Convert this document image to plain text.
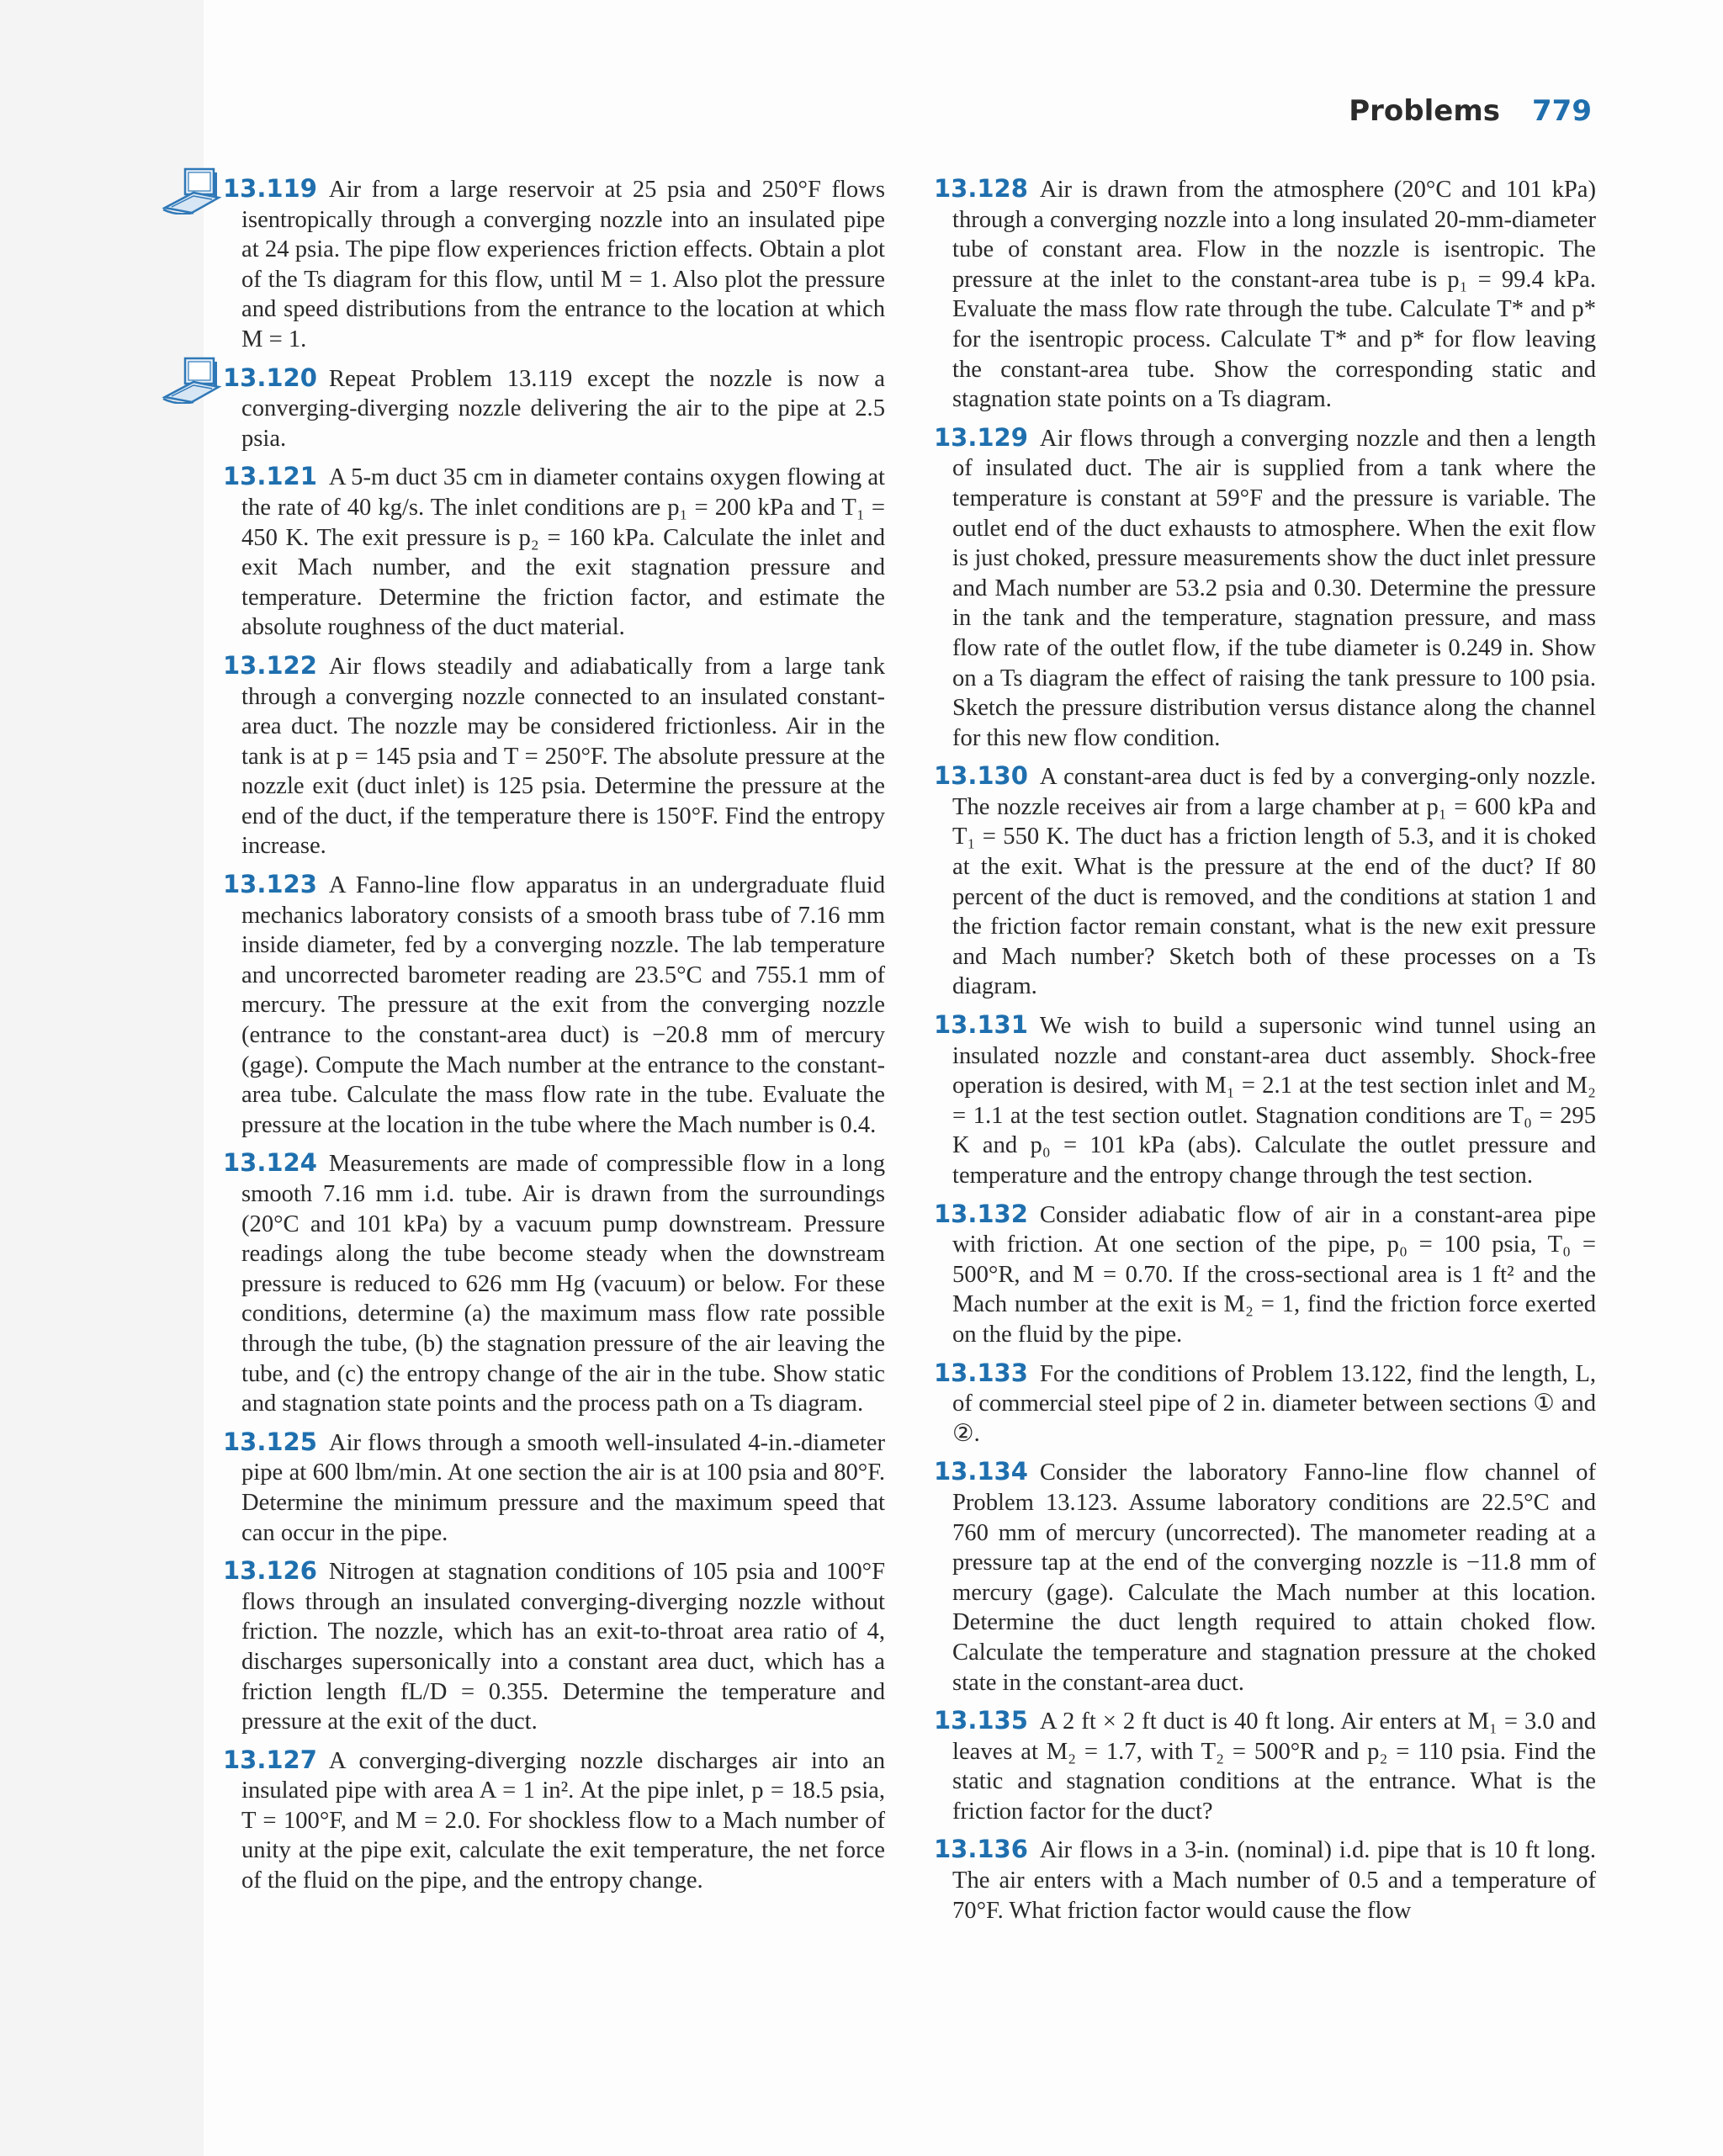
Problems 779

13.119 Air from a large reservoir at 25 psia and 250°F flows isentropically through a converging nozzle into an insulated pipe at 24 psia. The pipe flow experiences friction effects. Obtain a plot of the Ts diagram for this flow, until M = 1. Also plot the pressure and speed distributions from the entrance to the location at which M = 1.

13.120 Repeat Problem 13.119 except the nozzle is now a converging-diverging nozzle delivering the air to the pipe at 2.5 psia.

13.121 A 5-m duct 35 cm in diameter contains oxygen flowing at the rate of 40 kg/s. The inlet conditions are p₁ = 200 kPa and T₁ = 450 K. The exit pressure is p₂ = 160 kPa. Calculate the inlet and exit Mach number, and the exit stagnation pressure and temperature. Determine the friction factor, and estimate the absolute roughness of the duct material.

13.122 Air flows steadily and adiabatically from a large tank through a converging nozzle connected to an insulated constant-area duct. The nozzle may be considered frictionless. Air in the tank is at p = 145 psia and T = 250°F. The absolute pressure at the nozzle exit (duct inlet) is 125 psia. Determine the pressure at the end of the duct, if the temperature there is 150°F. Find the entropy increase.

13.123 A Fanno-line flow apparatus in an undergraduate fluid mechanics laboratory consists of a smooth brass tube of 7.16 mm inside diameter, fed by a converging nozzle. The lab temperature and uncorrected barometer reading are 23.5°C and 755.1 mm of mercury. The pressure at the exit from the converging nozzle (entrance to the constant-area duct) is −20.8 mm of mercury (gage). Compute the Mach number at the entrance to the constant-area tube. Calculate the mass flow rate in the tube. Evaluate the pressure at the location in the tube where the Mach number is 0.4.

13.124 Measurements are made of compressible flow in a long smooth 7.16 mm i.d. tube. Air is drawn from the surroundings (20°C and 101 kPa) by a vacuum pump downstream. Pressure readings along the tube become steady when the downstream pressure is reduced to 626 mm Hg (vacuum) or below. For these conditions, determine (a) the maximum mass flow rate possible through the tube, (b) the stagnation pressure of the air leaving the tube, and (c) the entropy change of the air in the tube. Show static and stagnation state points and the process path on a Ts diagram.

13.125 Air flows through a smooth well-insulated 4-in.-diameter pipe at 600 lbm/min. At one section the air is at 100 psia and 80°F. Determine the minimum pressure and the maximum speed that can occur in the pipe.

13.126 Nitrogen at stagnation conditions of 105 psia and 100°F flows through an insulated converging-diverging nozzle without friction. The nozzle, which has an exit-to-throat area ratio of 4, discharges supersonically into a constant area duct, which has a friction length fL/D = 0.355. Determine the temperature and pressure at the exit of the duct.

13.127 A converging-diverging nozzle discharges air into an insulated pipe with area A = 1 in². At the pipe inlet, p = 18.5 psia, T = 100°F, and M = 2.0. For shockless flow to a Mach number of unity at the pipe exit, calculate the exit temperature, the net force of the fluid on the pipe, and the entropy change.

13.128 Air is drawn from the atmosphere (20°C and 101 kPa) through a converging nozzle into a long insulated 20-mm-diameter tube of constant area. Flow in the nozzle is isentropic. The pressure at the inlet to the constant-area tube is p₁ = 99.4 kPa. Evaluate the mass flow rate through the tube. Calculate T* and p* for the isentropic process. Calculate T* and p* for flow leaving the constant-area tube. Show the corresponding static and stagnation state points on a Ts diagram.

13.129 Air flows through a converging nozzle and then a length of insulated duct. The air is supplied from a tank where the temperature is constant at 59°F and the pressure is variable. The outlet end of the duct exhausts to atmosphere. When the exit flow is just choked, pressure measurements show the duct inlet pressure and Mach number are 53.2 psia and 0.30. Determine the pressure in the tank and the temperature, stagnation pressure, and mass flow rate of the outlet flow, if the tube diameter is 0.249 in. Show on a Ts diagram the effect of raising the tank pressure to 100 psia. Sketch the pressure distribution versus distance along the channel for this new flow condition.

13.130 A constant-area duct is fed by a converging-only nozzle. The nozzle receives air from a large chamber at p₁ = 600 kPa and T₁ = 550 K. The duct has a friction length of 5.3, and it is choked at the exit. What is the pressure at the end of the duct? If 80 percent of the duct is removed, and the conditions at station 1 and the friction factor remain constant, what is the new exit pressure and Mach number? Sketch both of these processes on a Ts diagram.

13.131 We wish to build a supersonic wind tunnel using an insulated nozzle and constant-area duct assembly. Shock-free operation is desired, with M₁ = 2.1 at the test section inlet and M₂ = 1.1 at the test section outlet. Stagnation conditions are T₀ = 295 K and p₀ = 101 kPa (abs). Calculate the outlet pressure and temperature and the entropy change through the test section.

13.132 Consider adiabatic flow of air in a constant-area pipe with friction. At one section of the pipe, p₀ = 100 psia, T₀ = 500°R, and M = 0.70. If the cross-sectional area is 1 ft² and the Mach number at the exit is M₂ = 1, find the friction force exerted on the fluid by the pipe.

13.133 For the conditions of Problem 13.122, find the length, L, of commercial steel pipe of 2 in. diameter between sections ① and ②.

13.134 Consider the laboratory Fanno-line flow channel of Problem 13.123. Assume laboratory conditions are 22.5°C and 760 mm of mercury (uncorrected). The manometer reading at a pressure tap at the end of the converging nozzle is −11.8 mm of mercury (gage). Calculate the Mach number at this location. Determine the duct length required to attain choked flow. Calculate the temperature and stagnation pressure at the choked state in the constant-area duct.

13.135 A 2 ft × 2 ft duct is 40 ft long. Air enters at M₁ = 3.0 and leaves at M₂ = 1.7, with T₂ = 500°R and p₂ = 110 psia. Find the static and stagnation conditions at the entrance. What is the friction factor for the duct?

13.136 Air flows in a 3-in. (nominal) i.d. pipe that is 10 ft long. The air enters with a Mach number of 0.5 and a temperature of 70°F. What friction factor would cause the flow
